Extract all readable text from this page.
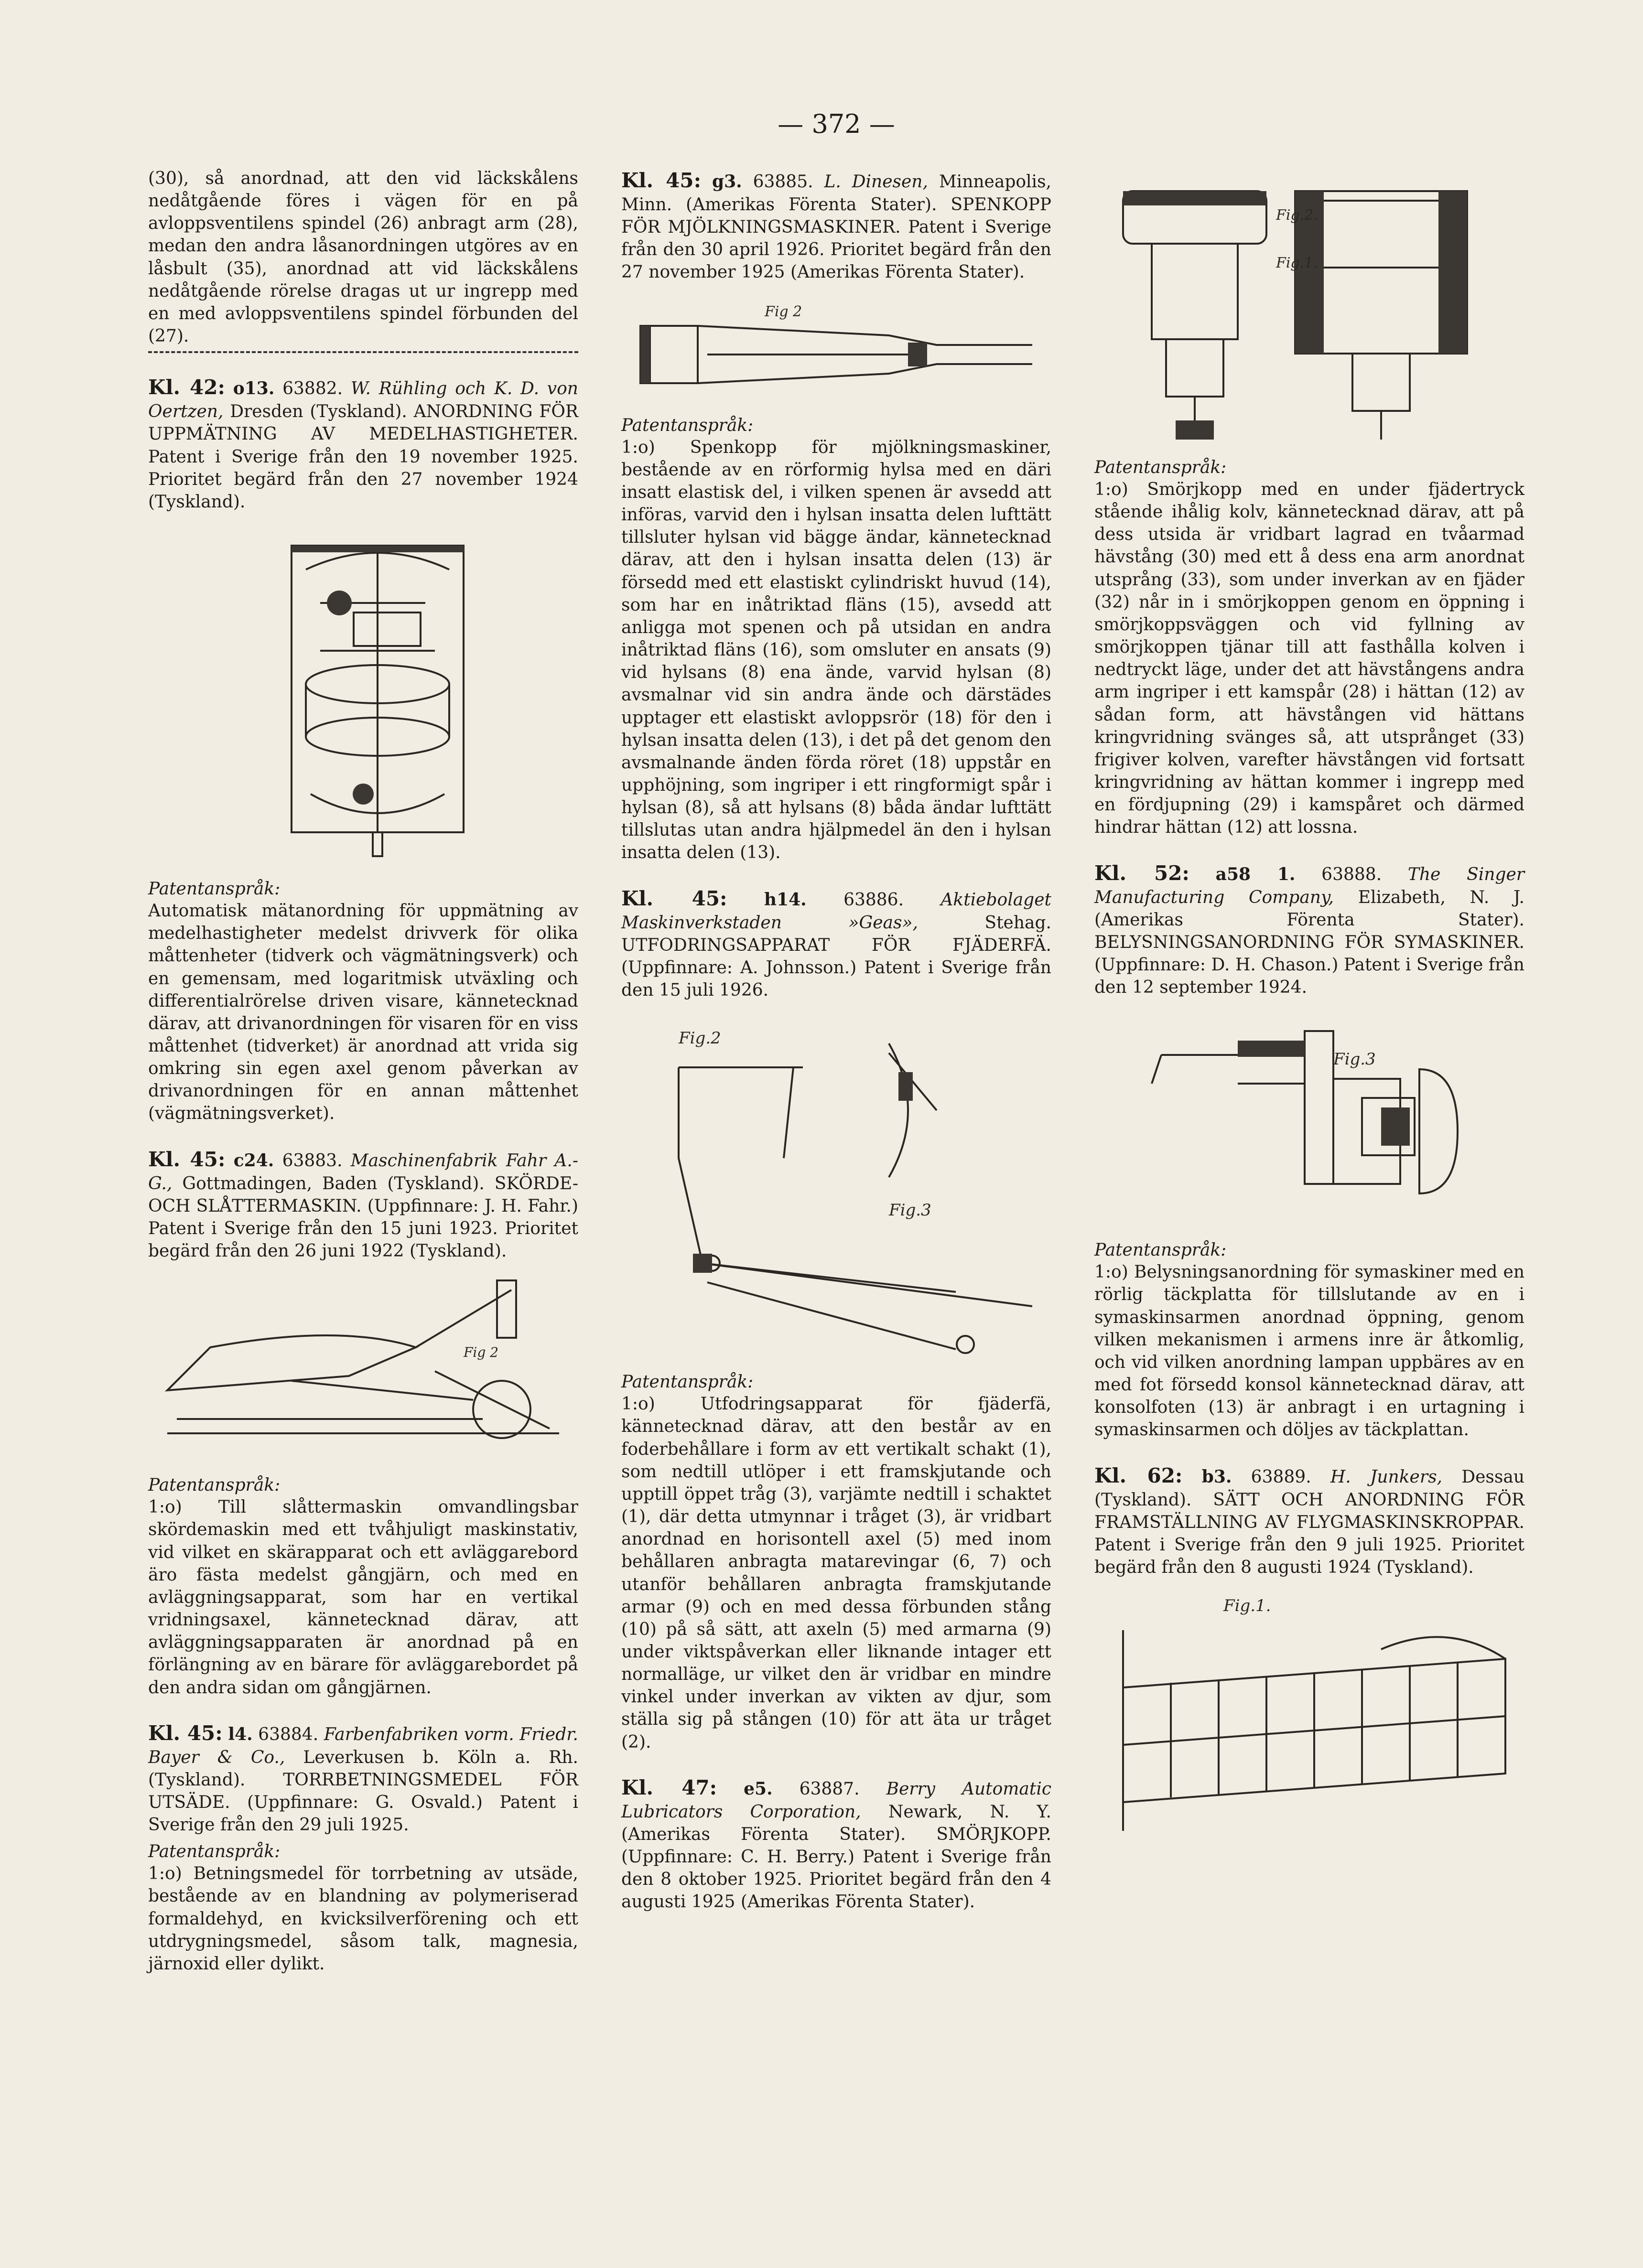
— 372 —

(30), så anordnad, att den vid läckskålens nedåtgående föres i vägen för en på avloppsventilens spindel (26) anbragt arm (28), medan den andra låsanordningen utgöres av en låsbult (35), anordnad att vid läckskålens nedåtgående rörelse dragas ut ur ingrepp med en med avloppsventilens spindel förbunden del (27).

Kl. 42: o13. 63882. W. Rühling och K. D. von Oertzen, Dresden (Tyskland). ANORDNING FÖR UPPMÄTNING AV MEDELHASTIGHETER. Patent i Sverige från den 19 november 1925. Prioritet begärd från den 27 november 1924 (Tyskland).

Patentanspråk:

Automatisk mätanordning för uppmätning av medelhastigheter medelst drivverk för olika måttenheter (tidverk och vägmätningsverk) och en gemensam, med logaritmisk utväxling och differentialrörelse driven visare, kännetecknad därav, att drivanordningen för visaren för en viss måttenhet (tidverket) är anordnad att vrida sig omkring sin egen axel genom påverkan av drivanordningen för en annan måttenhet (vägmätningsverket).

Kl. 45: c24. 63883. Maschinenfabrik Fahr A.-G., Gottmadingen, Baden (Tyskland). SKÖRDE- OCH SLÅTTERMASKIN. (Uppfinnare: J. H. Fahr.) Patent i Sverige från den 15 juni 1923. Prioritet begärd från den 26 juni 1922 (Tyskland).

Fig 2

Patentanspråk:

1:o) Till slåttermaskin omvandlingsbar skördemaskin med ett tvåhjuligt maskinstativ, vid vilket en skärapparat och ett avläggarebord äro fästa medelst gångjärn, och med en avläggningsapparat, som har en vertikal vridningsaxel, kännetecknad därav, att avläggningsapparaten är anordnad på en förlängning av en bärare för avläggarebordet på den andra sidan om gångjärnen.

Kl. 45: l4. 63884. Farbenfabriken vorm. Friedr. Bayer & Co., Leverkusen b. Köln a. Rh. (Tyskland). TORRBETNINGSMEDEL FÖR UTSÄDE. (Uppfinnare: G. Osvald.) Patent i Sverige från den 29 juli 1925.

Patentanspråk:

1:o) Betningsmedel för torrbetning av utsäde, bestående av en blandning av polymeriserad formaldehyd, en kvicksilverförening och ett utdrygningsmedel, såsom talk, magnesia, järnoxid eller dylikt.

Kl. 45: g3. 63885. L. Dinesen, Minneapolis, Minn. (Amerikas Förenta Stater). SPENKOPP FÖR MJÖLKNINGSMASKINER. Patent i Sverige från den 30 april 1926. Prioritet begärd från den 27 november 1925 (Amerikas Förenta Stater).

Fig 2

Patentanspråk:

1:o) Spenkopp för mjölkningsmaskiner, bestående av en rörformig hylsa med en däri insatt elastisk del, i vilken spenen är avsedd att införas, varvid den i hylsan insatta delen lufttätt tillsluter hylsan vid bägge ändar, kännetecknad därav, att den i hylsan insatta delen (13) är försedd med ett elastiskt cylindriskt huvud (14), som har en inåtriktad fläns (15), avsedd att anligga mot spenen och på utsidan en andra inåtriktad fläns (16), som omsluter en ansats (9) vid hylsans (8) ena ände, varvid hylsan (8) avsmalnar vid sin andra ände och därstädes upptager ett elastiskt avloppsrör (18) för den i hylsan insatta delen (13), i det på det genom den avsmalnande änden förda röret (18) uppstår en upphöjning, som ingriper i ett ringformigt spår i hylsan (8), så att hylsans (8) båda ändar lufttätt tillslutas utan andra hjälpmedel än den i hylsan insatta delen (13).

Kl. 45: h14. 63886. Aktiebolaget Maskinverkstaden »Geas»,	Stehag. UTFODRINGSAPPARAT FÖR FJÄDERFÄ. (Uppfinnare: A. Johnsson.) Patent i Sverige från den 15 juli 1926.

Fig.2
Fig.3

Patentanspråk:

1:o) Utfodringsapparat för fjäderfä, kännetecknad därav, att den består av en foderbehållare i form av ett vertikalt schakt (1), som nedtill utlöper i ett framskjutande och upptill öppet tråg (3), varjämte nedtill i schaktet (1), där detta utmynnar i tråget (3), är vridbart anordnad en horisontell axel (5) med inom behållaren anbragta matarevingar (6, 7) och utanför behållaren anbragta framskjutande armar (9) och en med dessa förbunden stång (10) på så sätt, att axeln (5) med armarna (9) under viktspåverkan eller liknande intager ett normalläge, ur vilket den är vridbar en mindre vinkel under inverkan av vikten av djur, som ställa sig på stången (10) för att äta ur tråget (2).

Kl. 47: e5. 63887. Berry Automatic Lubricators Corporation, Newark, N. Y. (Amerikas Förenta Stater). SMÖRJKOPP. (Uppfinnare: C. H. Berry.) Patent i Sverige från den 8 oktober 1925. Prioritet begärd från den 4 augusti 1925 (Amerikas Förenta Stater).

Fig.1.
Fig.2.

Patentanspråk:

1:o) Smörjkopp med en under fjädertryck stående ihålig kolv, kännetecknad därav, att på dess utsida är vridbart lagrad en tvåarmad hävstång (30) med ett å dess ena arm anordnat utsprång (33), som under inverkan av en fjäder (32) når in i smörjkoppen genom en öppning i smörjkoppsväggen och vid fyllning av smörjkoppen tjänar till att fasthålla kolven i nedtryckt läge, under det att hävstångens andra arm ingriper i ett kamspår (28) i hättan (12) av sådan form, att hävstången vid hättans kringvridning svänges så, att utsprånget (33) frigiver kolven, varefter hävstången vid fortsatt kringvridning av hättan kommer i ingrepp med en fördjupning (29) i kamspåret och därmed hindrar hättan (12) att lossna.

Kl. 52: a58 1. 63888. The Singer Manufacturing Company, Elizabeth, N. J. (Amerikas Förenta Stater). BELYSNINGSANORDNING FÖR SYMASKINER. (Uppfinnare: D. H. Chason.) Patent i Sverige från den 12 september 1924.

Fig.3

Patentanspråk:

1:o) Belysningsanordning för symaskiner med en rörlig täckplatta för tillslutande av en i symaskinsarmen anordnad öppning, genom vilken mekanismen i armens inre är åtkomlig, och vid vilken anordning lampan uppbäres av en med fot försedd konsol kännetecknad därav, att konsolfoten (13) är anbragt i en urtagning i symaskinsarmen och döljes av täckplattan.

Kl. 62: b3. 63889. H. Junkers, Dessau (Tyskland). SÄTT OCH ANORDNING FÖR FRAMSTÄLLNING AV FLYGMASKINSKROPPAR. Patent i Sverige från den 9 juli 1925. Prioritet begärd från den 8 augusti 1924 (Tyskland).

Fig.1.
